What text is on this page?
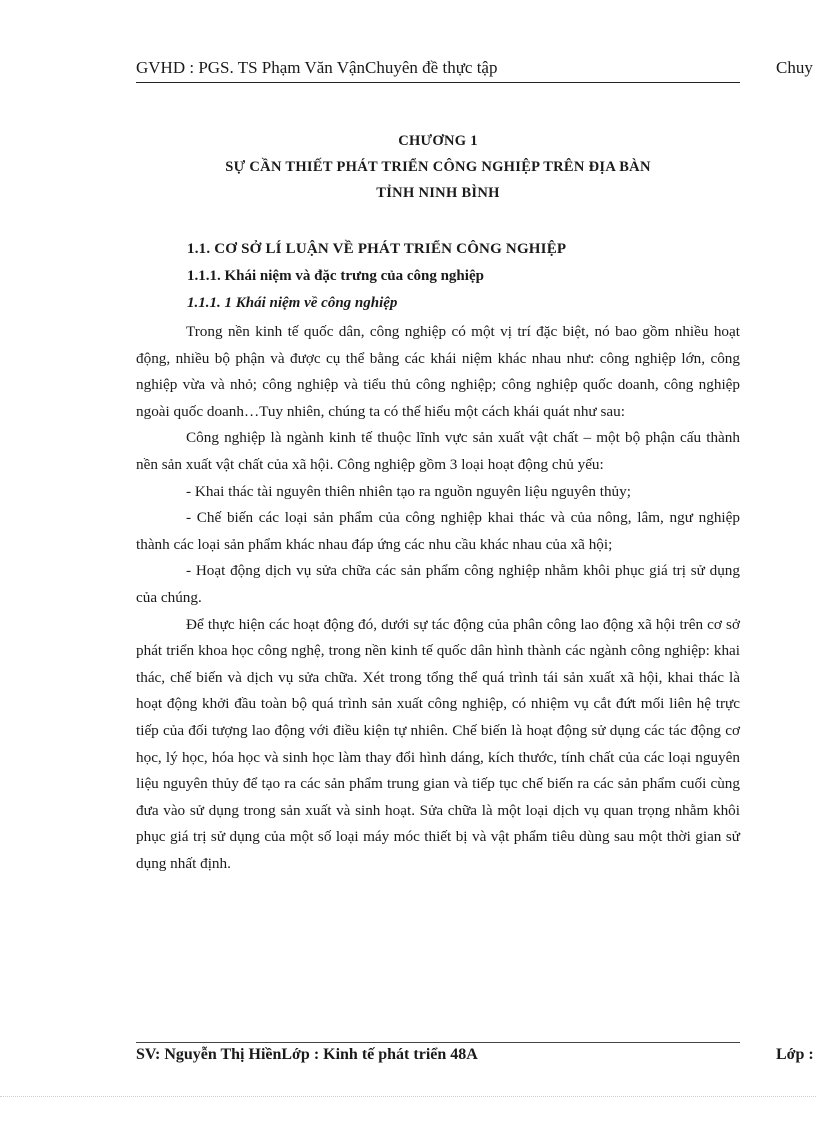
GVHD : PGS. TS Phạm Văn VậnChuyên đề thực tập	Chuy
CHƯƠNG 1
SỰ CẦN THIẾT PHÁT TRIỂN CÔNG NGHIỆP TRÊN ĐỊA BÀN
TỈNH NINH BÌNH
1.1. CƠ SỞ LÍ LUẬN VỀ PHÁT TRIỂN CÔNG NGHIỆP
1.1.1. Khái niệm và đặc trưng của công nghiệp
1.1.1. 1 Khái niệm về công nghiệp

Trong nền kinh tế quốc dân, công nghiệp có một vị trí đặc biệt, nó bao gồm nhiều hoạt động, nhiều bộ phận và được cụ thể bằng các khái niệm khác nhau như: công nghiệp lớn, công nghiệp vừa và nhỏ; công nghiệp và tiểu thủ công nghiệp; công nghiệp quốc doanh, công nghiệp ngoài quốc doanh…Tuy nhiên, chúng ta có thể hiểu một cách khái quát như sau:

Công nghiệp là ngành kinh tế thuộc lĩnh vực sản xuất vật chất – một bộ phận cấu thành nền sản xuất vật chất của xã hội. Công nghiệp gồm 3 loại hoạt động chủ yếu:

- Khai thác tài nguyên thiên nhiên tạo ra nguồn nguyên liệu nguyên thủy;

- Chế biến các loại sản phẩm của công nghiệp khai thác và của nông, lâm, ngư nghiệp thành các loại sản phẩm khác nhau đáp ứng các nhu cầu khác nhau của xã hội;

- Hoạt động dịch vụ sửa chữa các sản phẩm công nghiệp nhằm khôi phục giá trị sử dụng của chúng.

Để thực hiện các hoạt động đó, dưới sự tác động của phân công lao động xã hội trên cơ sở phát triển khoa học công nghệ, trong nền kinh tế quốc dân hình thành các ngành công nghiệp: khai thác, chế biến và dịch vụ sửa chữa. Xét trong tổng thể quá trình tái sản xuất xã hội, khai thác là hoạt động khởi đầu toàn bộ quá trình sản xuất công nghiệp, có nhiệm vụ cắt đứt mối liên hệ trực tiếp của đối tượng lao động với điều kiện tự nhiên. Chế biến là hoạt động sử dụng các tác động cơ học, lý học, hóa học và sinh học làm thay đổi hình dáng, kích thước, tính chất của các loại nguyên liệu nguyên thủy để tạo ra các sản phẩm trung gian và tiếp tục chế biến ra các sản phẩm cuối cùng đưa vào sử dụng trong sản xuất và sinh hoạt. Sửa chữa là một loại dịch vụ quan trọng nhằm khôi phục giá trị sử dụng của một số loại máy móc thiết bị và vật phẩm tiêu dùng sau một thời gian sử dụng nhất định.

SV: Nguyễn Thị HiềnLớp : Kinh tế phát triển 48A	Lớp :
